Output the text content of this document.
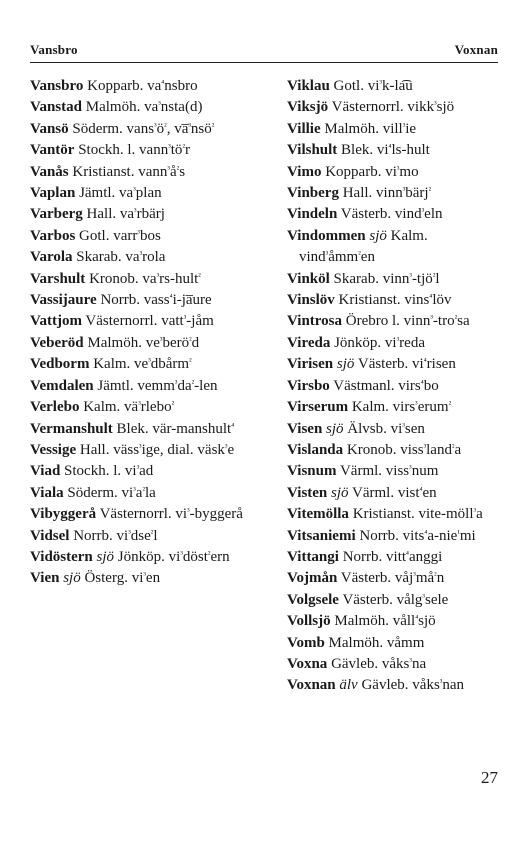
Vansbro	Voxnan
Vansbro Kopparb. $va^{^4}nsbro$
Vanstad Malmöh. $va^{^3}nsta(d)$
Vansö Söderm. $vans^{^3}ö^{^2}$, va̅$^{^3}$nsö$^{^2}$
Vantör Stockh. l. $vann^{^3}tö^{^2}r$
Vanås Kristianst. $vann^{^3}å^{^2}s$
Vaplan Jämtl. $va^{^3}plan$
Varberg Hall. $va^{^3}rbärj$
Varbos Gotl. varr$^{^3}$bos
Varola Skarab. $va^{^3}rola$
Varshult Kronob. $va^{^3}rs-hult^{^2}$
Vassijaure Norrb. vass$^{^4}$i-ja̅ure
Vattjom Västernorrl. vatt$^{^3}$-jåm
Veberöd Malmöh. $ve^{^3}berö^{^2}d$
Vedborm Kalm. $ve^{^3}dbårm^{^2}$
Vemdalen Jämtl. $vemm^{^3}da^{^2}$-len
Verlebo Kalm. $vä^{^3}rlebo^{^2}$
Vermanshult Blek. vär-manshult$^{^4}$
Vessige Hall. väss$^{^3}$ige, dial. väsk$^{^3}$e
Viad Stockh. l. $vi^{^3}ad$
Viala Söderm. $vi^{^3}a^{^2}la$
Vibyggerå Västernorrl. $vi^{^3}$-byggerå
Vidsel Norrb. $vi^{^3}dse^{^2}l$
Vidöstern sjö Jönköp. $vi^{^3}döst^{^2}ern$
Vien sjö Österg. $vi^{^3}en$
Viklau Gotl. $vi^{^3}k-la͡u$
Viksjö Västernorrl. vikk$^{^3}$sjö
Villie Malmöh. vill$^{^3}$ie
Vilshult Blek. $vi^{^4}ls$-hult
Vimo Kopparb. $vi^{^3}mo$
Vinberg Hall. vinn$^{^3}$bärj$^{^2}$
Vindeln Västerb. vind$^{^3}$eln
Vindommen sjö Kalm. vind$^{^3}$åmm$^{^2}$en
Vinköl Skarab. vinn$^{^3}$-tjö$^{^2}$l
Vinslöv Kristianst. vins$^{^4}$löv
Vintrosa Örebro l. vinn$^{^3}$-tro$^{^2}$sa
Vireda Jönköp. $vi^{^3}reda$
Virisen sjö Västerb. $vi^{^4}risen$
Virsbo Västmanl. virs$^{^4}$bo
Virserum Kalm. virs$^{^3}$erum$^{^2}$
Visen sjö Älvsb. $vi^{^3}sen$
Vislanda Kronob. viss$^{^3}$land$^{^2}$a
Visnum Värml. viss$^{^3}$num
Visten sjö Värml. vist$^{^4}$en
Vitemölla Kristianst. vite-möll$^{^3}$a
Vitsaniemi Norrb. vits$^{^4}$a-nie$^{^1}$mi
Vittangi Norrb. vitt$^{^4}$anggi
Vojmån Västerb. $våj^{^3}må^{^2}n$
Volgsele Västerb. vålg$^{^3}$sele
Vollsjö Malmöh. våll$^{^4}$sjö
Vomb Malmöh. våmm
Voxna Gävleb. våks$^{^3}$na
Voxnan älv Gävleb. våks$^{^3}$nan
27
